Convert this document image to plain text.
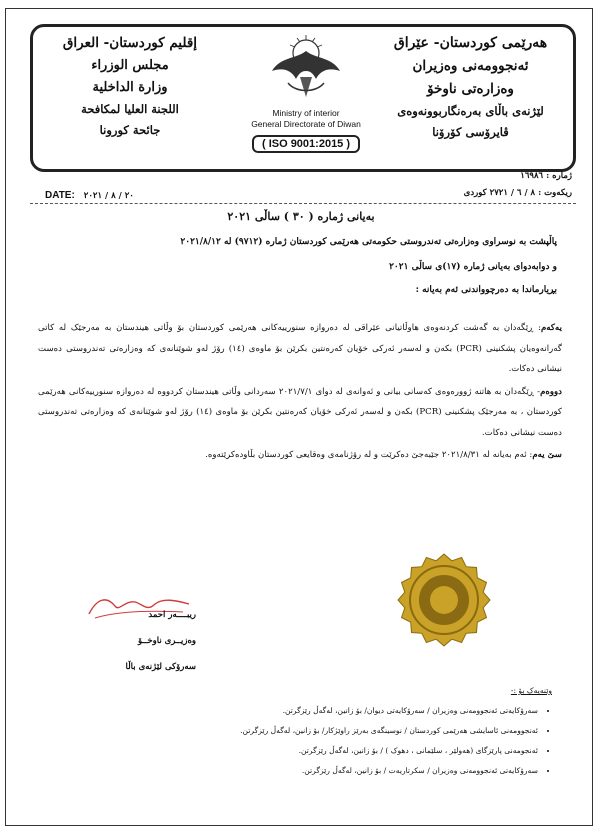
إقليم كوردستان- العراق
مجلس الوزراء
وزارة الداخلية
اللجنة العليا لمكافحة
جائحة كورونا
Ministry of interior
General Directorate of Diwan
( ISO 9001:2015 )
هەرێمی کوردستان- عێراق
ئەنجوومەنی وەزیران
وەزارەتی ناوخۆ
لێژنەی باڵای بەرەنگاربوونەوەی
ڤایرۆسی کۆرۆنا
ژمارە : ١٦٩٨٦
ریكەوت : ٨ / ٦ / ٢٧٢١ کوردی
DATE: ٢٠ / ٨ / ٢٠٢١
بەیانی ژمارە ( ٣٠ ) ساڵی ٢٠٢١
پاڵپشت بە نوسراوی وەزارەتی تەندروستی حکومەتی هەرێمی کوردستان ژمارە (٩٧١٢) لە ٢٠٢١/٨/١٢
و دوابەدوای بەیانی ژمارە (١٧)ی ساڵی ٢٠٢١
بڕیارماندا بە دەرچوواندنی ئەم بەیانە :

یەکەم: ڕێگەدان بە گەشت کردنەوەی هاوڵاتیانی عێراقی لە دەروازە سنورییەکانی هەرێمی کوردستان بۆ وڵاتی هیندستان بە مەرجێک لە کاتی گەرانەوەیان پشکنینی (PCR) بکەن و لەسەر ئەرکی خۆیان کەرەنتین بکرێن بۆ ماوەی (١٤) رۆژ لەو شوێنانەی کە وەزارەتی تەندروستی دەست نیشانی دەکات.

دووەم- ڕێگەدان بە هاتنە ژوورەوەی کەسانی بیانی و ئەوانەی لە دوای ٢٠٢١/٧/١ سەردانی وڵاتی هیندستان کردووە لە دەروازە سنورییەکانی هەرێمی کوردستان ، بە مەرجێک پشکنینی (PCR) بکەن و لەسەر ئەرکی خۆیان کەرەنتین بکرێن بۆ ماوەی (١٤) رۆژ لەو شوێنانەی کە وەزارەتی تەندروستی دەست نیشانی دەکات.

سێ یەم: ئەم بەیانە لە ٢٠٢١/٨/٣١ جێبەجێ دەکرێت و لە رۆژنامەی وەقایعی کوردستان بڵاودەکرێتەوە.

ریبــــەر احمد
وەزیــری ناوخــۆ
سەرۆکی لێژنەی باڵا
وێنەیەک بۆ :-
• سەرۆکایەتی ئەنجوومەنی وەزیران / سەرۆکایەتی دیوان/ بۆ زانین، لەگەڵ رێزگرتن.
• ئەنجوومەنی ئاسایشی هەرێمی کوردستان / نوسینگەی بەرێز راوێژکار/ بۆ زانین، لەگەڵ رێزگرتن.
• ئەنجومەنی پارێزگای (هەولێر ، سلێمانی ، دهوک ) / بۆ زانین، لەگەڵ رێزگرتن.
• سەرۆکایەتی ئەنجوومەنی وەزیران / سکرتاریەت / بۆ زانین، لەگەڵ رێزگرتن.
